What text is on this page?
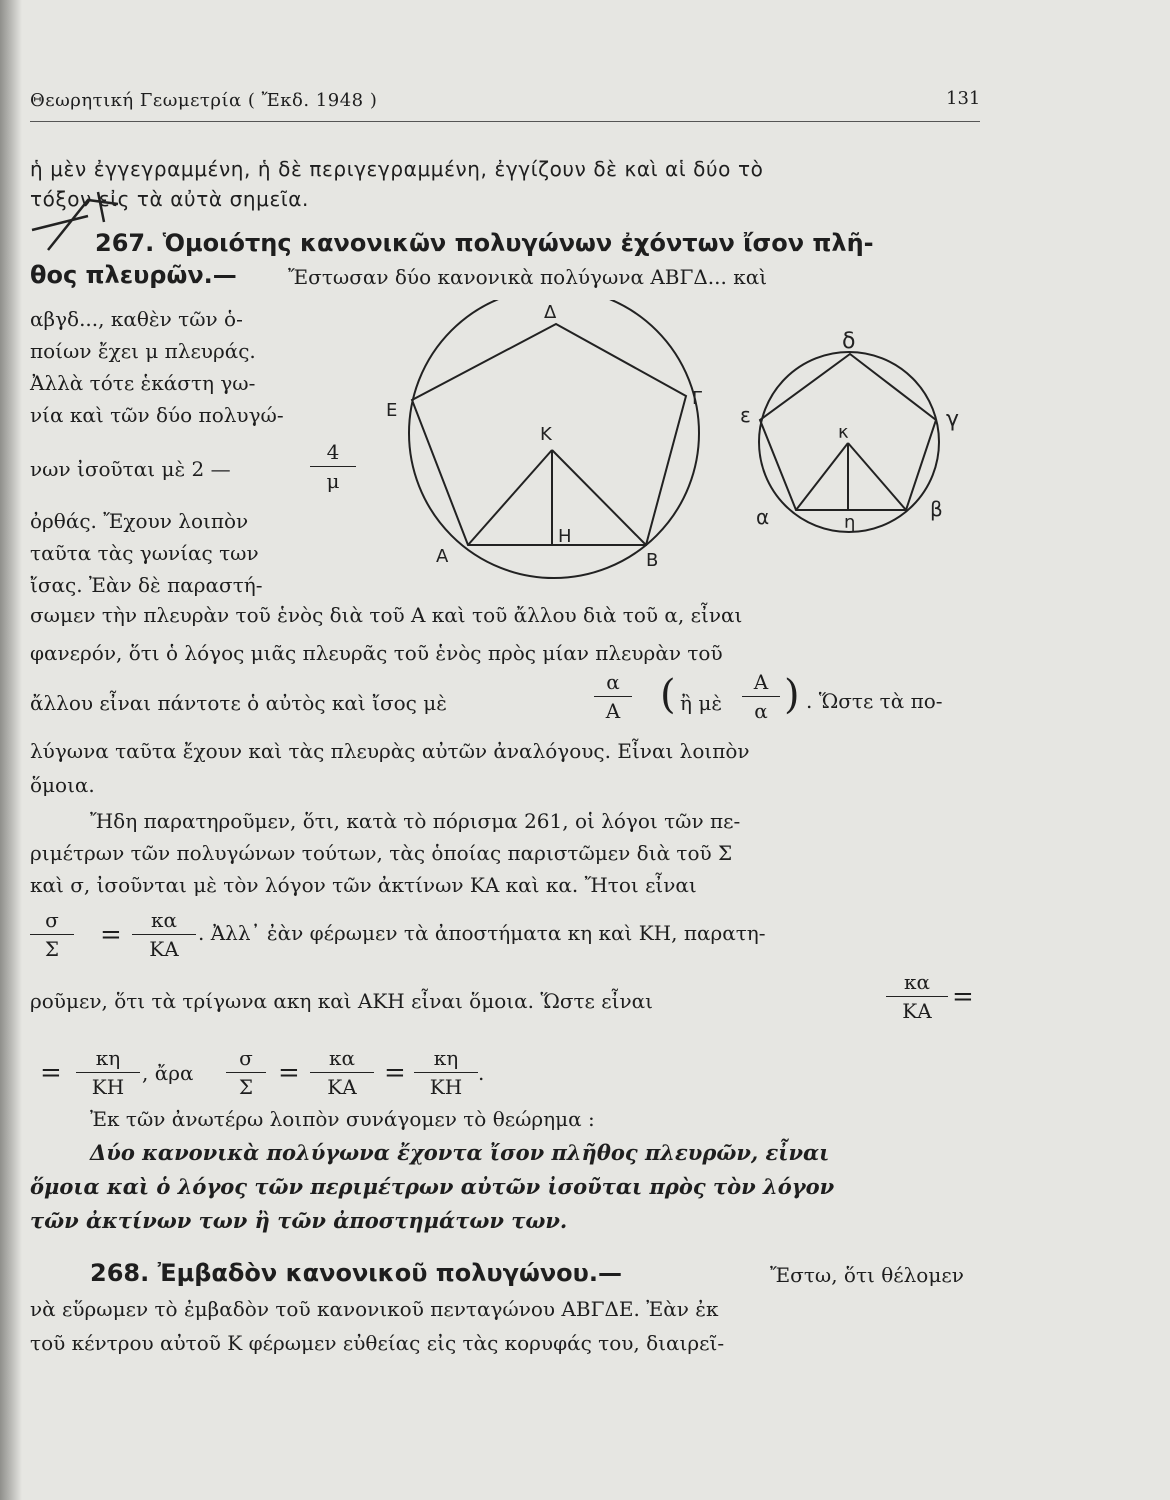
Θεωρητική Γεωμετρία ( Ἔκδ. 1948 )	131
ἡ μὲν ἐγγεγραμμένη, ἡ δὲ περιγεγραμμένη, ἐγγίζουν δὲ καὶ αἱ δύο τὸ
τόξον εἰς τὰ αὐτὰ σημεῖα.
267. Ὁμοιότης κανονικῶν πολυγώνων ἐχόντων ἴσον πλῆ-
θος πλευρῶν.—	Ἔστωσαν δύο κανονικὰ πολύγωνα ΑΒΓΔ... καὶ
αβγδ..., καθὲν τῶν ὁ-
ποίων ἔχει μ πλευράς.
Ἀλλὰ τότε ἑκάστη γω-
νία καὶ τῶν δύο πολυγώ-
νων ἰσοῦται μὲ 2 —
4
μ
ὀρθάς. Ἔχουν λοιπὸν
ταῦτα τὰς γωνίας των
ἴσας. Ἐὰν δὲ παραστή-
Δ
Γ
Ε
Κ
Α	Β
Η
δ
γ
ε
κ
α	β
η
σωμεν τὴν πλευρὰν τοῦ ἑνὸς διὰ τοῦ Α καὶ τοῦ ἄλλου διὰ τοῦ α, εἶναι
φανερόν, ὅτι ὁ λόγος μιᾶς πλευρᾶς τοῦ ἑνὸς πρὸς μίαν πλευρὰν τοῦ
ἄλλου εἶναι πάντοτε ὁ αὐτὸς καὶ ἴσος μὲ
α
Α ( ἢ μὲ
Α
α ) . Ὥστε τὰ πο-
λύγωνα ταῦτα ἔχουν καὶ τὰς πλευρὰς αὐτῶν ἀναλόγους. Εἶναι λοιπὸν
ὅμοια.
Ἤδη παρατηροῦμεν, ὅτι, κατὰ τὸ πόρισμα 261, οἱ λόγοι τῶν πε-
ριμέτρων τῶν πολυγώνων τούτων, τὰς ὁποίας παριστῶμεν διὰ τοῦ Σ
καὶ σ, ἰσοῦνται μὲ τὸν λόγον τῶν ἀκτίνων ΚΑ καὶ κα. Ἤτοι εἶναι
σ
Σ	=	κα
ΚΑ
. Ἀλλ᾽ ἐὰν φέρωμεν τὰ ἀποστήματα κη καὶ ΚΗ, παρατη-
ροῦμεν, ὅτι τὰ τρίγωνα ακη καὶ ΑΚΗ εἶναι ὅμοια. Ὥστε εἶναι
κα
ΚΑ =
=	κη
ΚΗ
, ἄρα
σ
Σ =	κα
ΚΑ	=	κη
ΚΗ
.
Ἐκ τῶν ἀνωτέρω λοιπὸν συνάγομεν τὸ θεώρημα :
Δύο κανονικὰ πολύγωνα ἔχοντα ἴσον πλῆθος πλευρῶν, εἶναι
ὅμοια καὶ ὁ λόγος τῶν περιμέτρων αὐτῶν ἰσοῦται πρὸς τὸν λόγον
τῶν ἀκτίνων των ἢ τῶν ἀποστημάτων των.
268. Ἐμβαδὸν κανονικοῦ πολυγώνου.—	Ἔστω, ὅτι θέλομεν
νὰ εὕρωμεν τὸ ἐμβαδὸν τοῦ κανονικοῦ πενταγώνου ΑΒΓΔΕ. Ἐὰν ἐκ
τοῦ κέντρου αὐτοῦ Κ φέρωμεν εὐθείας εἰς τὰς κορυφάς του, διαιρεῖ-
